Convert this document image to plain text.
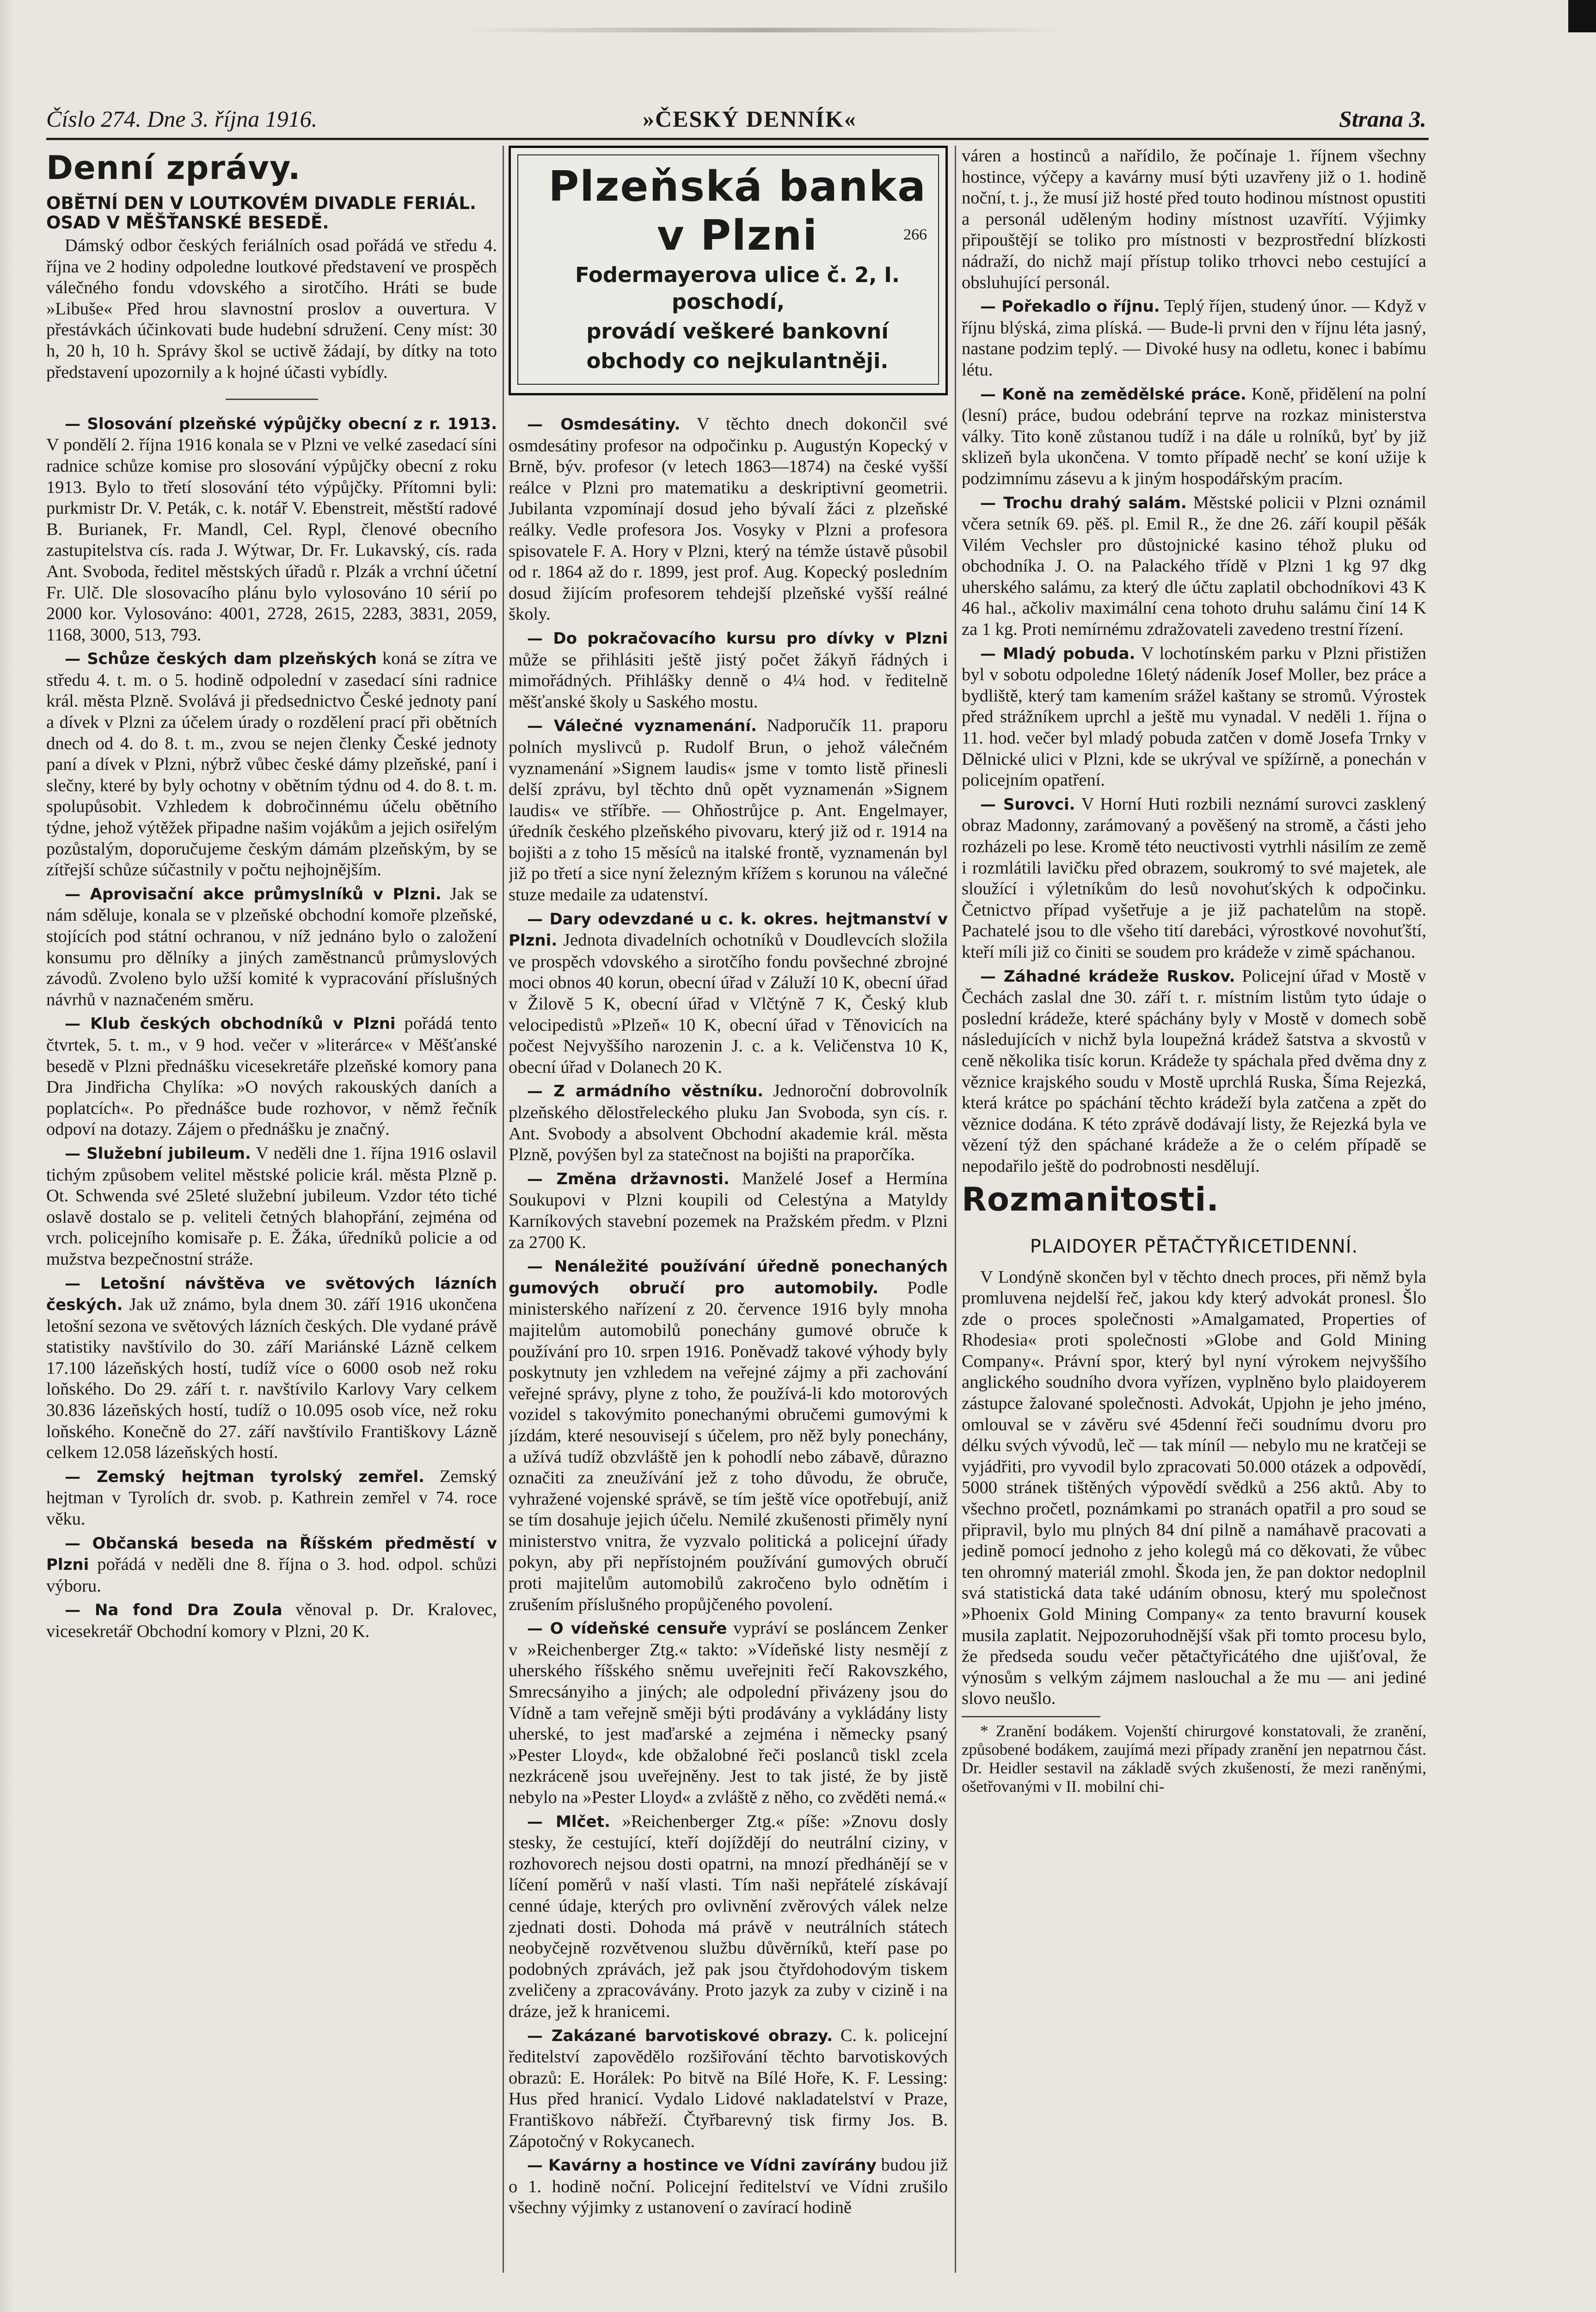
Číslo 274. Dne 3. října 1916.	»ČESKÝ DENNÍK«	Strana 3.
Denní zprávy.
OBĚTNÍ DEN V LOUTKOVÉM DIVADLE FERIÁL. OSAD V MĚŠŤANSKÉ BESEDĚ.

Dámský odbor českých feriálních osad pořádá ve středu 4. října ve 2 hodiny odpoledne loutkové představení ve prospěch válečného fondu vdovského a sirotčího. Hráti se bude »Libuše« Před hrou slavnostní proslov a ouvertura. V přestávkách účinkovati bude hudební sdružení. Ceny míst: 30 h, 20 h, 10 h. Správy škol se uctivě žádají, by dítky na toto představení upozornily a k hojné účasti vybídly.

— Slosování plzeňské výpůjčky obecní z r. 1913. V pondělí 2. října 1916 konala se v Plzni ve velké zasedací síni radnice schůze komise pro slosování výpůjčky obecní z roku 1913. Bylo to třetí slosování této výpůjčky. Přítomni byli: purkmistr Dr. V. Peták, c. k. notář V. Ebenstreit, městští radové B. Burianek, Fr. Mandl, Cel. Rypl, členové obecního zastupitelstva cís. rada J. Wýtwar, Dr. Fr. Lukavský, cís. rada Ant. Svoboda, ředitel městských úřadů r. Plzák a vrchní účetní Fr. Ulč. Dle slosovacího plánu bylo vylosováno 10 sérií po 2000 kor. Vylosováno: 4001, 2728, 2615, 2283, 3831, 2059, 1168, 3000, 513, 793.

— Schůze českých dam plzeňských koná se zítra ve středu 4. t. m. o 5. hodině odpolední v zasedací síni radnice král. města Plzně. Svolává ji předsednictvo České jednoty paní a dívek v Plzni za účelem úrady o rozdělení prací při obětních dnech od 4. do 8. t. m., zvou se nejen členky České jednoty paní a dívek v Plzni, nýbrž vůbec české dámy plzeňské, paní i slečny, které by byly ochotny v obětním týdnu od 4. do 8. t. m. spolupůsobit. Vzhledem k dobročinnému účelu obětního týdne, jehož výtěžek připadne našim vojákům a jejich osiřelým pozůstalým, doporučujeme českým dámám plzeňským, by se zítřejší schůze súčastnily v počtu nejhojnějším.

— Aprovisační akce průmyslníků v Plzni. Jak se nám sděluje, konala se v plzeňské obchodní komoře plzeňské, stojících pod státní ochranou, v níž jednáno bylo o založení konsumu pro dělníky a jiných zaměstnanců průmyslových závodů. Zvoleno bylo užší komité k vypracování příslušných návrhů v naznačeném směru.

— Klub českých obchodníků v Plzni pořádá tento čtvrtek, 5. t. m., v 9 hod. večer v »literárce« v Měšťanské besedě v Plzni přednášku vicesekretáře plzeňské komory pana Dra Jindřicha Chylíka: »O nových rakouských daních a poplatcích«. Po přednášce bude rozhovor, v němž řečník odpoví na dotazy. Zájem o přednášku je značný.

— Služební jubileum. V neděli dne 1. října 1916 oslavil tichým způsobem velitel městské policie král. města Plzně p. Ot. Schwenda své 25leté služební jubileum. Vzdor této tiché oslavě dostalo se p. veliteli četných blahopřání, zejména od vrch. policejního komisaře p. E. Žáka, úředníků policie a od mužstva bezpečnostní stráže.

— Letošní návštěva ve světových lázních českých. Jak už známo, byla dnem 30. září 1916 ukončena letošní sezona ve světových lázních českých. Dle vydané právě statistiky navštívilo do 30. září Mariánské Lázně celkem 17.100 lázeňských hostí, tudíž více o 6000 osob než roku loňského. Do 29. září t. r. navštívilo Karlovy Vary celkem 30.836 lázeňských hostí, tudíž o 10.095 osob více, než roku loňského. Konečně do 27. září navštívilo Františkovy Lázně celkem 12.058 lázeňských hostí.

— Zemský hejtman tyrolský zemřel. Zemský hejtman v Tyrolích dr. svob. p. Kathrein zemřel v 74. roce věku.

— Občanská beseda na Říšském předměstí v Plzni pořádá v neděli dne 8. října o 3. hod. odpol. schůzi výboru.

— Na fond Dra Zoula věnoval p. Dr. Kralovec, vicesekretář Obchodní komory v Plzni, 20 K.

Plzeňská banka

v Plzni	266

Fodermayerova ulice č. 2, I. poschodí,

provádí veškeré bankovní

obchody co nejkulantněji.

— Osmdesátiny. V těchto dnech dokončil své osmdesátiny profesor na odpočinku p. Augustýn Kopecký v Brně, býv. profesor (v letech 1863—1874) na české vyšší reálce v Plzni pro matematiku a deskriptivní geometrii. Jubilanta vzpomínají dosud jeho bývalí žáci z plzeňské reálky. Vedle profesora Jos. Vosyky v Plzni a profesora spisovatele F. A. Hory v Plzni, který na témže ústavě působil od r. 1864 až do r. 1899, jest prof. Aug. Kopecký posledním dosud žijícím profesorem tehdejší plzeňské vyšší reálné školy.

— Do pokračovacího kursu pro dívky v Plzni může se přihlásiti ještě jistý počet žákyň řádných i mimořádných. Přihlášky denně o 4¼ hod. v ředitelně měšťanské školy u Saského mostu.

— Válečné vyznamenání. Nadporučík 11. praporu polních myslivců p. Rudolf Brun, o jehož válečném vyznamenání »Signem laudis« jsme v tomto listě přinesli delší zprávu, byl těchto dnů opět vyznamenán »Signem laudis« ve stříbře. — Ohňostrůjce p. Ant. Engelmayer, úředník českého plzeňského pivovaru, který již od r. 1914 na bojišti a z toho 15 měsíců na italské frontě, vyznamenán byl již po třetí a sice nyní železným křížem s korunou na válečné stuze medaile za udatenství.

— Dary odevzdané u c. k. okres. hejtmanství v Plzni. Jednota divadelních ochotníků v Doudlevcích složila ve prospěch vdovského a sirotčího fondu povšechné zbrojné moci obnos 40 korun, obecní úřad v Záluží 10 K, obecní úřad v Žilově 5 K, obecní úřad v Vlčtýně 7 K, Český klub velocipedistů »Plzeň« 10 K, obecní úřad v Těnovicích na počest Nejvyššího narozenin J. c. a k. Veličenstva 10 K, obecní úřad v Dolanech 20 K.

— Z armádního věstníku. Jednoroční dobrovolník plzeňského dělostřeleckého pluku Jan Svoboda, syn cís. r. Ant. Svobody a absolvent Obchodní akademie král. města Plzně, povýšen byl za statečnost na bojišti na praporčíka.

— Změna državnosti. Manželé Josef a Hermína Soukupovi v Plzni koupili od Celestýna a Matyldy Karníkových stavební pozemek na Pražském předm. v Plzni za 2700 K.

— Nenáležité používání úředně ponechaných gumových obručí pro automobily. Podle ministerského nařízení z 20. července 1916 byly mnoha majitelům automobilů ponechány gumové obruče k používání pro 10. srpen 1916. Poněvadž takové výhody byly poskytnuty jen vzhledem na veřejné zájmy a při zachování veřejné správy, plyne z toho, že používá-li kdo motorových vozidel s takovýmito ponechanými obručemi gumovými k jízdám, které nesouvisejí s účelem, pro něž byly ponechány, a užívá tudíž obzvláště jen k pohodlí nebo zábavě, důrazno označiti za zneužívání jež z toho důvodu, že obruče, vyhražené vojenské správě, se tím ještě více opotřebují, aniž se tím dosahuje jejich účelu. Nemilé zkušenosti přiměly nyní ministerstvo vnitra, že vyzvalo politická a policejní úřady pokyn, aby při nepřístojném používání gumových obručí proti majitelům automobilů zakročeno bylo odnětím i zrušením příslušného propůjčeného povolení.

— O vídeňské censuře vypráví se posláncem Zenker v »Reichenberger Ztg.« takto: »Vídeňské listy nesmějí z uherského říšského sněmu uveřejniti řečí Rakovszkého, Smrecsányiho a jiných; ale odpolední přivázeny jsou do Vídně a tam veřejně směji býti prodávány a vykládány listy uherské, to jest maďarské a zejména i německy psaný »Pester Lloyd«, kde obžalobné řeči poslanců tiskl zcela nezkráceně jsou uveřejněny. Jest to tak jisté, že by jistě nebylo na »Pester Lloyd« a zvláště z něho, co zvěděti nemá.«

— Mlčet. »Reichenberger Ztg.« píše: »Znovu dosly stesky, že cestující, kteří dojíždějí do neutrální ciziny, v rozhovorech nejsou dosti opatrni, na mnozí předhánějí se v líčení poměrů v naší vlasti. Tím naši nepřátelé získávají cenné údaje, kterých pro ovlivnění zvěrových válek nelze zjednati dosti. Dohoda má právě v neutrálních státech neobyčejně rozvětvenou službu důvěrníků, kteří pase po podobných zprávách, jež pak jsou čtyřdohodovým tiskem zveličeny a zpracovávány. Proto jazyk za zuby v cizině i na dráze, jež k hranicemi.

— Zakázané barvotiskové obrazy. C. k. policejní ředitelství zapovědělo rozšiřování těchto barvotiskových obrazů: E. Horálek: Po bitvě na Bílé Hoře, K. F. Lessing: Hus před hranicí. Vydalo Lidové nakladatelství v Praze, Františkovo nábřeží. Čtyřbarevný tisk firmy Jos. B. Zápotočný v Rokycanech.

— Kavárny a hostince ve Vídni zavírány budou již o 1. hodině noční. Policejní ředitelství ve Vídni zrušilo všechny výjimky z ustanovení o zavírací hodině

váren a hostinců a nařídilo, že počínaje 1. říjnem všechny hostince, výčepy a kavárny musí býti uzavřeny již o 1. hodině noční, t. j., že musí již hosté před touto hodinou místnost opustiti a personál uděleným hodiny místnost uzavřítí. Výjimky připouštějí se toliko pro místnosti v bezprostřední blízkosti nádraží, do nichž mají přístup toliko trhovci nebo cestující a obsluhující personál.

— Pořekadlo o říjnu. Teplý říjen, studený únor. — Když v říjnu blýská, zima plíská. — Bude-li prvni den v říjnu léta jasný, nastane podzim teplý. — Divoké husy na odletu, konec i babímu létu.

— Koně na zemědělské práce. Koně, přidělení na polní (lesní) práce, budou odebrání teprve na rozkaz ministerstva války. Tito koně zůstanou tudíž i na dále u rolníků, byť by již sklizeň byla ukončena. V tomto případě nechť se koní užije k podzimnímu zásevu a k jiným hospodářským pracím.

— Trochu drahý salám. Městské policii v Plzni oznámil včera setník 69. pěš. pl. Emil R., že dne 26. září koupil pěšák Vilém Vechsler pro důstojnické kasino téhož pluku od obchodníka J. O. na Palackého třídě v Plzni 1 kg 97 dkg uherského salámu, za který dle účtu zaplatil obchodníkovi 43 K 46 hal., ačkoliv maximální cena tohoto druhu salámu činí 14 K za 1 kg. Proti nemírnému zdražovateli zavedeno trestní řízení.

— Mladý pobuda. V lochotínském parku v Plzni přistižen byl v sobotu odpoledne 16letý nádeník Josef Moller, bez práce a bydliště, který tam kamením srážel kaštany se stromů. Výrostek před strážníkem uprchl a ještě mu vynadal. V neděli 1. října o 11. hod. večer byl mladý pobuda zatčen v domě Josefa Trnky v Dělnické ulici v Plzni, kde se ukrýval ve spížírně, a ponechán v policejním opatření.

— Surovci. V Horní Huti rozbili neznámí surovci zasklený obraz Madonny, zarámovaný a pověšený na stromě, a části jeho rozházeli po lese. Kromě této neuctivosti vytrhli násilím ze země i rozmlátili lavičku před obrazem, soukromý to své majetek, ale sloužící i výletníkům do lesů novohuťských k odpočinku. Četnictvo případ vyšetřuje a je již pachatelům na stopě. Pachatelé jsou to dle všeho tití darebáci, výrostkové novohuťští, kteří míli již co činiti se soudem pro krádeže v zimě spáchanou.

— Záhadné krádeže Ruskov. Policejní úřad v Mostě v Čechách zaslal dne 30. září t. r. místním listům tyto údaje o poslední krádeže, které spáchány byly v Mostě v domech sobě následujících v nichž byla loupežná krádež šatstva a skvostů v ceně několika tisíc korun. Krádeže ty spáchala před dvěma dny z věznice krajského soudu v Mostě uprchlá Ruska, Šíma Rejezká, která krátce po spáchání těchto krádeží byla zatčena a zpět do věznice dodána. K této zprávě dodávají listy, že Rejezká byla ve vězení týž den spáchané krádeže a že o celém případě se nepodařilo ještě do podrobnosti nesdělují.

Rozmanitosti.
PLAIDOYER PĚTAČTYŘICETIDENNÍ.

V Londýně skončen byl v těchto dnech proces, při němž byla promluvena nejdelší řeč, jakou kdy který advokát pronesl. Šlo zde o proces společnosti »Amalgamated, Properties of Rhodesia« proti společnosti »Globe and Gold Mining Company«. Právní spor, který byl nyní výrokem nejvyššího anglického soudního dvora vyřízen, vyplněno bylo plaidoyerem zástupce žalované společnosti. Advokát, Upjohn je jeho jméno, omlouval se v závěru své 45denní řeči soudnímu dvoru pro délku svých vývodů, leč — tak míníl — nebylo mu ne kratčeji se vyjádřiti, pro vyvodil bylo zpracovati 50.000 otázek a odpovědí, 5000 stránek tištěných výpovědí svědků a 256 aktů. Aby to všechno pročetl, poznámkami po stranách opatřil a pro soud se připravil, bylo mu plných 84 dní pilně a namáhavě pracovati a jedině pomocí jednoho z jeho kolegů má co děkovati, že vůbec ten ohromný materiál zmohl. Škoda jen, že pan doktor nedoplnil svá statistická data také udáním obnosu, který mu společnost »Phoenix Gold Mining Company« za tento bravurní kousek musila zaplatit. Nejpozoruhodnější však při tomto procesu bylo, že předseda soudu večer pětačtyřicátého dne ujišťoval, že výnosům s velkým zájmem naslouchal a že mu — ani jediné slovo neušlo.

* Zranění bodákem. Vojenští chirurgové konstatovali, že zranění, způsobené bodákem, zaujímá mezi případy zranění jen nepatrnou část. Dr. Heidler sestavil na základě svých zkušeností, že mezi raněnými, ošetřovanými v II. mobilní chi-
